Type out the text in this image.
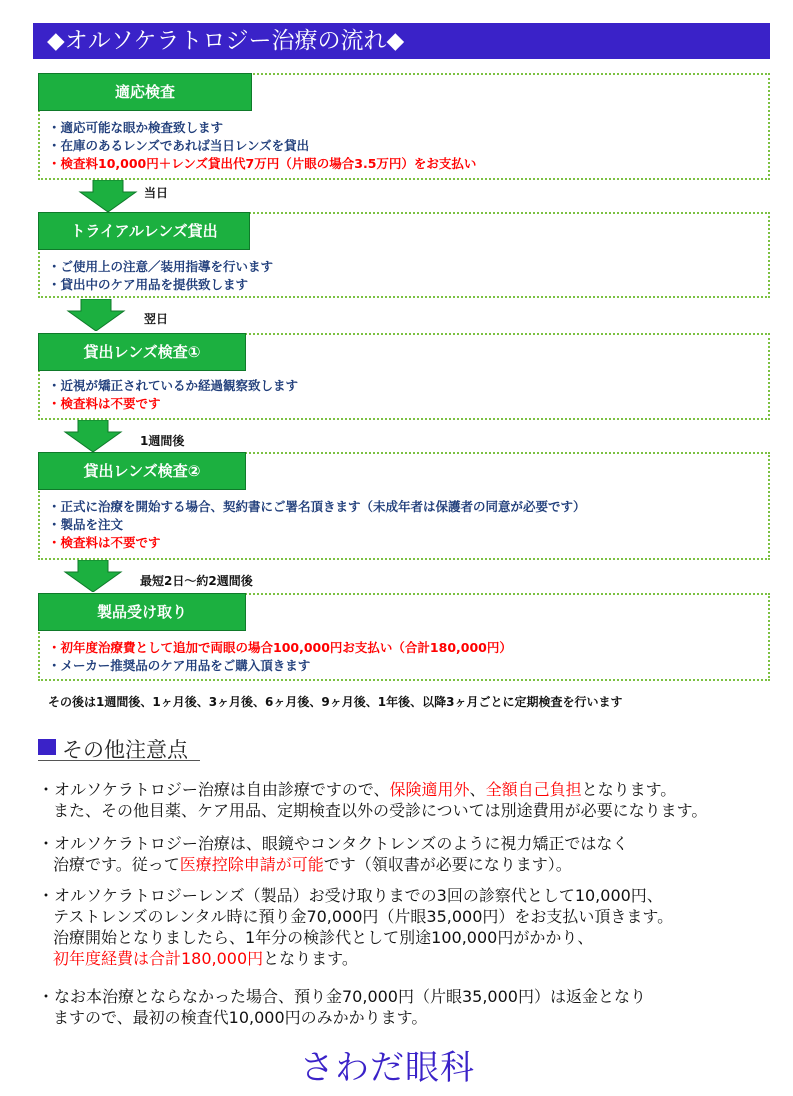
◆オルソケラトロジー治療の流れ◆
適応検査
・適応可能な眼か検査致します
・在庫のあるレンズであれば当日レンズを貸出
・検査料10,000円＋レンズ貸出代7万円（片眼の場合3.5万円）をお支払い
当日
トライアルレンズ貸出
・ご使用上の注意／装用指導を行います
・貸出中のケア用品を提供致します
翌日
貸出レンズ検査①
・近視が矯正されているか経過観察致します
・検査料は不要です
1週間後
貸出レンズ検査②
・正式に治療を開始する場合、契約書にご署名頂きます（未成年者は保護者の同意が必要です）
・製品を注文
・検査料は不要です
最短2日～約2週間後
製品受け取り
・初年度治療費として追加で両眼の場合100,000円お支払い（合計180,000円）
・メーカー推奨品のケア用品をご購入頂きます
その後は1週間後、1ヶ月後、3ヶ月後、6ヶ月後、9ヶ月後、1年後、以降3ヶ月ごとに定期検査を行います
その他注意点
・オルソケラトロジー治療は自由診療ですので、保険適用外、全額自己負担となります。
また、その他目薬、ケア用品、定期検査以外の受診については別途費用が必要になります。
・オルソケラトロジー治療は、眼鏡やコンタクトレンズのように視力矯正ではなく
治療です。従って医療控除申請が可能です（領収書が必要になります）。
・オルソケラトロジーレンズ（製品）お受け取りまでの3回の診察代として10,000円、
テストレンズのレンタル時に預り金70,000円（片眼35,000円）をお支払い頂きます。
治療開始となりましたら、1年分の検診代として別途100,000円がかかり、
初年度経費は合計180,000円となります。
・なお本治療とならなかった場合、預り金70,000円（片眼35,000円）は返金となり
ますので、最初の検査代10,000円のみかかります。
さわだ眼科
